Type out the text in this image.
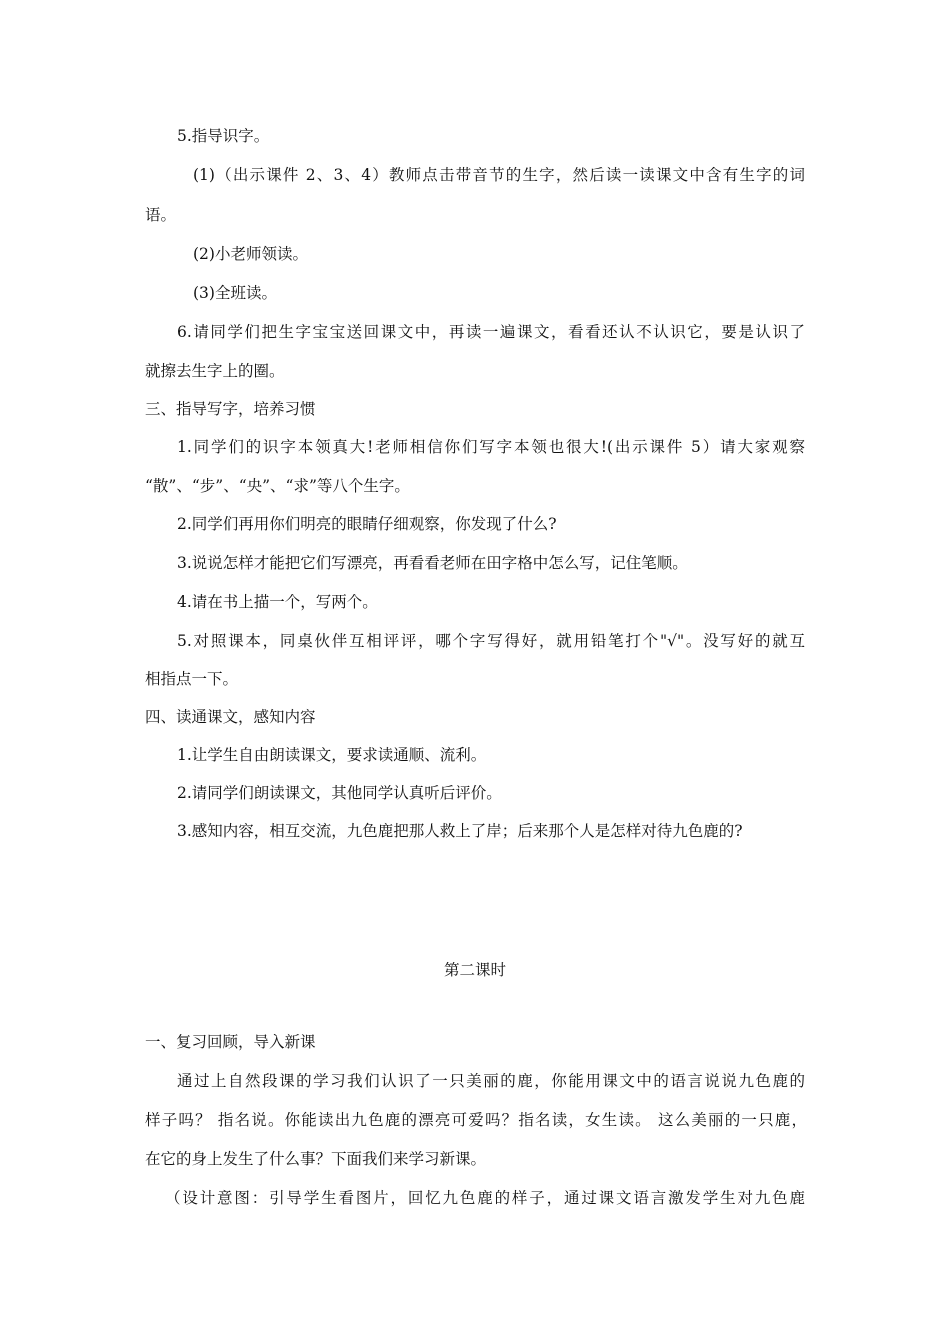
5.指导识字。
(1)（出示课件 2、3、4）教师点击带音节的生字，然后读一读课文中含有生字的词
语。
(2)小老师领读。
(3)全班读。
6.请同学们把生字宝宝送回课文中，再读一遍课文，看看还认不认识它，要是认识了
就擦去生字上的圈。
三、指导写字，培养习惯
1.同学们的识字本领真大!老师相信你们写字本领也很大!(出示课件 5）请大家观察
“散”、“步”、“央”、“求”等八个生字。
2.同学们再用你们明亮的眼睛仔细观察，你发现了什么?
3.说说怎样才能把它们写漂亮，再看看老师在田字格中怎么写，记住笔顺。
4.请在书上描一个，写两个。
5.对照课本，同桌伙伴互相评评，哪个字写得好，就用铅笔打个"√"。没写好的就互
相指点一下。
四、读通课文，感知内容
1.让学生自由朗读课文，要求读通顺、流利。
2.请同学们朗读课文，其他同学认真听后评价。
3.感知内容，相互交流，九色鹿把那人救上了岸；后来那个人是怎样对待九色鹿的?
第二课时
一、复习回顾，导入新课
通过上自然段课的学习我们认识了一只美丽的鹿，你能用课文中的语言说说九色鹿的
样子吗？ 指名说。你能读出九色鹿的漂亮可爱吗？指名读，女生读。 这么美丽的一只鹿，
在它的身上发生了什么事？下面我们来学习新课。
（设计意图：引导学生看图片，回忆九色鹿的样子，通过课文语言激发学生对九色鹿
